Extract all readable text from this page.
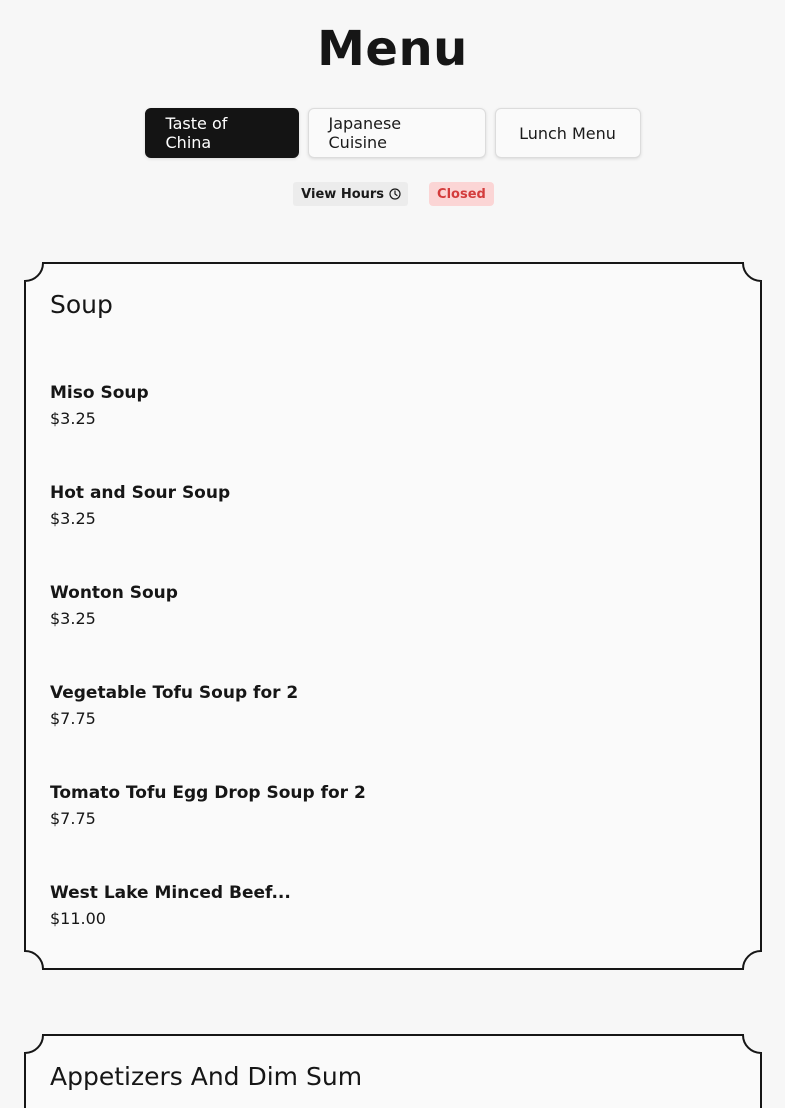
Menu
Taste of China
Japanese Cuisine	Lunch Menu
View Hours	Closed
Soup
Miso Soup
$3.25
Hot and Sour Soup
$3.25
Wonton Soup
$3.25
Vegetable Tofu Soup for 2
$7.75
Tomato Tofu Egg Drop Soup for 2
$7.75
West Lake Minced Beef...
$11.00
Appetizers And Dim Sum
